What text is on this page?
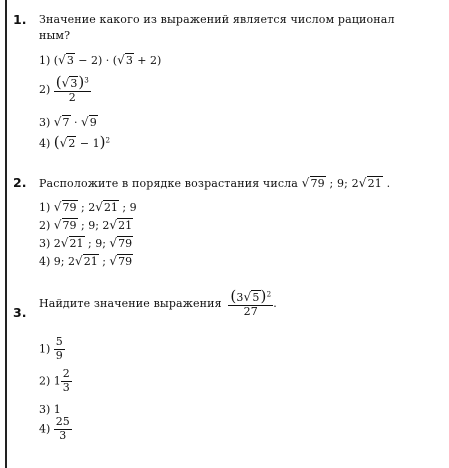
1. Значение какого из выражений является числом рационал
ным?
1) (√3 − 2) · (√3 + 2)
$2) \frac{(√3)^3}{2}$
3) √7 · √9
4) $(√2 - 1)^2$
2. Расположите в порядке возрастания числа √79 ; 9; 2√21 .
1) √79 ; 2√21 ; 9
2) √79 ; 9; 2√21
3) 2√21 ; 9; √79
4) 9; 2√21 ; √79
3.
Найдите значение выражения $\frac{(3√5)^2}{27}$ .
$1) \frac{5}{9}$
2) $1 \frac{2}{3}$
3) 1
$4) \frac{25}{3}$
